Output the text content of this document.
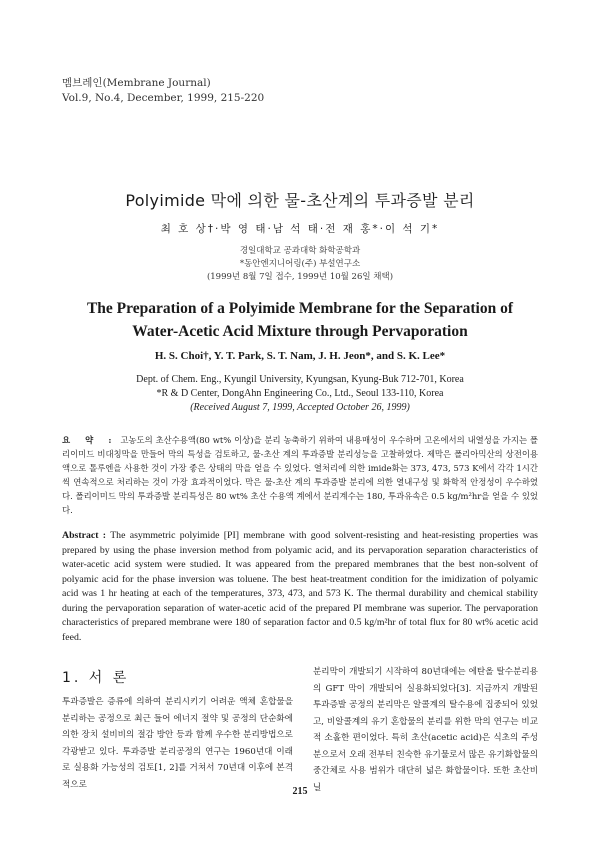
멤브레인(Membrane Journal)
Vol.9, No.4, December, 1999, 215-220
Polyimide 막에 의한 물-초산계의 투과증발 분리
최 호 상†·박 영 태·남 석 태·전 재 홍*·이 석 기*
경일대학교 공과대학 화학공학과
*동안엔지니어링(주) 부설연구소
(1999년 8월 7일 접수, 1999년 10월 26일 채택)
The Preparation of a Polyimide Membrane for the Separation of
Water-Acetic Acid Mixture through Pervaporation
H. S. Choi†, Y. T. Park, S. T. Nam, J. H. Jeon*, and S. K. Lee*
Dept. of Chem. Eng., Kyungil University, Kyungsan, Kyung-Buk 712-701, Korea
*R & D Center, DongAhn Engineering Co., Ltd., Seoul 133-110, Korea
(Received August 7, 1999, Accepted October 26, 1999)
요 약 : 고농도의 초산수용액(80 wt% 이상)을 분리 농축하기 위하여 내용매성이 우수하며 고온에서의 내열성을 가지는 폴리이미드 비대칭막을 만들어 막의 특성을 검토하고, 물-초산 계의 투과증발 분리성능을 고찰하였다. 제막은 폴리아믹산의 상전이용액으로 톨루엔을 사용한 것이 가장 좋은 상태의 막을 얻을 수 있었다. 열처리에 의한 imide화는 373, 473, 573 K에서 각각 1시간씩 연속적으로 처리하는 것이 가장 효과적이었다. 막은 물-초산 계의 투과증발 분리에 의한 열내구성 및 화학적 안정성이 우수하였다. 폴리이미드 막의 투과증발 분리특성은 80 wt% 초산 수용액 계에서 분리계수는 180, 투과유속은 0.5 kg/m²hr을 얻을 수 있었다.
Abstract : The asymmetric polyimide [PI] membrane with good solvent-resisting and heat-resisting properties was prepared by using the phase inversion method from polyamic acid, and its pervaporation separation characteristics of water-acetic acid system were studied. It was appeared from the prepared membranes that the best non-solvent of polyamic acid for the phase inversion was toluene. The best heat-treatment condition for the imidization of polyamic acid was 1 hr heating at each of the temperatures, 373, 473, and 573 K. The thermal durability and chemical stability during the pervaporation separation of water-acetic acid of the prepared PI membrane was superior. The pervaporation characteristics of prepared membrane were 180 of separation factor and 0.5 kg/m²hr of total flux for 80 wt% acetic acid feed.
1. 서 론
투과증발은 증류에 의하여 분리시키기 어려운 액체 혼합물을 분리하는 공정으로 최근 들어 에너지 절약 및 공정의 단순화에 의한 장치 설비비의 절감 방안 등과 함께 우수한 분리방법으로 각광받고 있다. 투과증발 분리공정의 연구는 1960년대 이래로 실용화 가능성의 검토[1, 2]를 거쳐서 70년대 이후에 본격적으로
분리막이 개발되기 시작하여 80년대에는 에탄올 탈수분리용의 GFT 막이 개발되어 실용화되었다[3]. 지금까지 개발된 투과증발 공정의 분리막은 알콜계의 탈수용에 집중되어 있었고, 비알콜계의 유기 혼합물의 분리를 위한 막의 연구는 비교적 소홀한 편이었다. 특히 초산(acetic acid)은 식초의 주성분으로서 오래 전부터 친숙한 유기물로서 많은 유기화합물의 중간체로 사용 범위가 대단히 넓은 화합물이다. 또한 초산비닐
215
